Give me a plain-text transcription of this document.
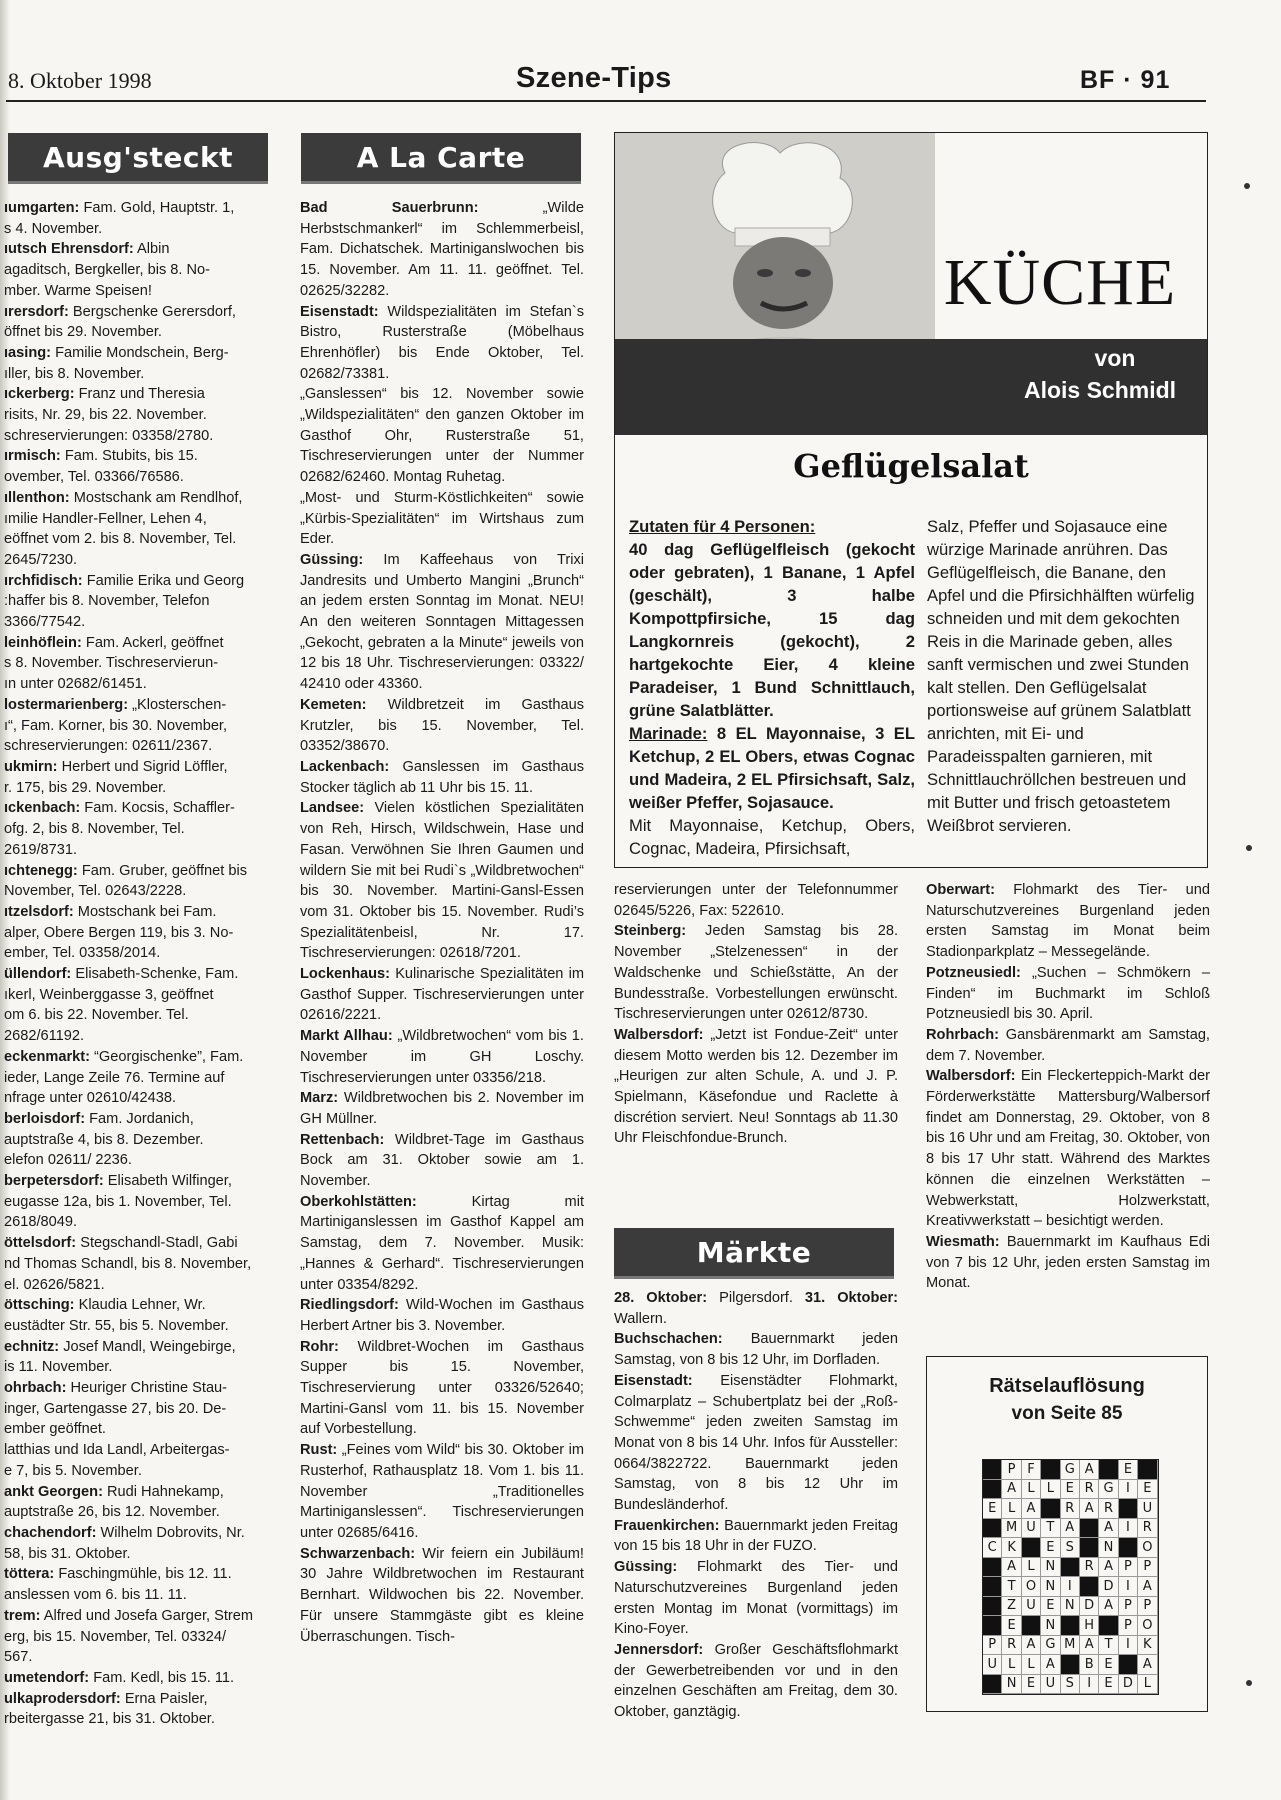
8. Oktober 1998	Szene-Tips	BF · 91
Ausg'steckt

ıumgarten: Fam. Gold, Hauptstr. 1,

s 4. November.

ıutsch Ehrensdorf: Albin

agaditsch, Bergkeller, bis 8. No-

mber. Warme Speisen!

ırersdorf: Bergschenke Gerersdorf,

öffnet bis 29. November.

ıasing: Familie Mondschein, Berg-

ıller, bis 8. November.

ıckerberg: Franz und Theresia

risits, Nr. 29, bis 22. November.

schreservierungen: 03358/2780.

ırmisch: Fam. Stubits, bis 15.

ovember, Tel. 03366/76586.

ıllenthon: Mostschank am Rendlhof,

ımilie Handler-Fellner, Lehen 4,

eöffnet vom 2. bis 8. November, Tel.

2645/7230.

ırchfidisch: Familie Erika und Georg

:haffer bis 8. November, Telefon

3366/77542.

leinhöflein: Fam. Ackerl, geöffnet

s 8. November. Tischreservierun-

ın unter 02682/61451.

lostermarienberg: „Klosterschen-

ı“, Fam. Korner, bis 30. November,

schreservierungen: 02611/2367.

ukmirn: Herbert und Sigrid Löffler,

r. 175, bis 29. November.

ıckenbach: Fam. Kocsis, Schaffler-

ofg. 2, bis 8. November, Tel.

2619/8731.

ıchtenegg: Fam. Gruber, geöffnet bis

November, Tel. 02643/2228.

ıtzelsdorf: Mostschank bei Fam.

alper, Obere Bergen 119, bis 3. No-

ember, Tel. 03358/2014.

üllendorf: Elisabeth-Schenke, Fam.

ıkerl, Weinberggasse 3, geöffnet

om 6. bis 22. November. Tel.

2682/61192.

eckenmarkt: “Georgischenke”, Fam.

ieder, Lange Zeile 76. Termine auf

nfrage unter 02610/42438.

berloisdorf: Fam. Jordanich,

auptstraße 4, bis 8. Dezember.

elefon 02611/ 2236.

berpetersdorf: Elisabeth Wilfinger,

eugasse 12a, bis 1. November, Tel.

2618/8049.

öttelsdorf: Stegschandl-Stadl, Gabi

nd Thomas Schandl, bis 8. November,

el. 02626/5821.

öttsching: Klaudia Lehner, Wr.

eustädter Str. 55, bis 5. November.

echnitz: Josef Mandl, Weingebirge,

is 11. November.

ohrbach: Heuriger Christine Stau-

inger, Gartengasse 27, bis 20. De-

ember geöffnet.

latthias und Ida Landl, Arbeitergas-

e 7, bis 5. November.

ankt Georgen: Rudi Hahnekamp,

auptstraße 26, bis 12. November.

chachendorf: Wilhelm Dobrovits, Nr.

58, bis 31. Oktober.

töttera: Faschingmühle, bis 12. 11.

anslessen vom 6. bis 11. 11.

trem: Alfred und Josefa Garger, Strem

erg, bis 15. November, Tel. 03324/

567.

umetendorf: Fam. Kedl, bis 15. 11.

ulkaprodersdorf: Erna Paisler,

rbeitergasse 21, bis 31. Oktober.

A La Carte

Bad Sauerbrunn: „Wilde Herbstschmankerl“ im Schlemmerbeisl, Fam. Dichatschek. Martiniganslwochen bis 15. November. Am 11. 11. geöffnet. Tel. 02625/32282.

Eisenstadt: Wildspezialitäten im Stefan`s Bistro, Rusterstraße (Möbelhaus Ehrenhöfler) bis Ende Oktober, Tel. 02682/73381.

„Ganslessen“ bis 12. November sowie „Wildspezialitäten“ den ganzen Oktober im Gasthof Ohr, Rusterstraße 51, Tischreservierungen unter der Nummer 02682/62460. Montag Ruhetag.

„Most- und Sturm-Köstlichkeiten“ sowie „Kürbis-Spezialitäten“ im Wirtshaus zum Eder.

Güssing: Im Kaffeehaus von Trixi Jandresits und Umberto Mangini „Brunch“ an jedem ersten Sonntag im Monat. NEU! An den weiteren Sonntagen Mittagessen „Gekocht, gebraten a la Minute“ jeweils von 12 bis 18 Uhr. Tischreservierungen: 03322/ 42410 oder 43360.

Kemeten: Wildbretzeit im Gasthaus Krutzler, bis 15. November, Tel. 03352/38670.

Lackenbach: Ganslessen im Gasthaus Stocker täglich ab 11 Uhr bis 15. 11.

Landsee: Vielen köstlichen Spezialitäten von Reh, Hirsch, Wildschwein, Hase und Fasan. Verwöhnen Sie Ihren Gaumen und wildern Sie mit bei Rudi`s „Wildbretwochen“ bis 30. November. Martini-Gansl-Essen vom 31. Oktober bis 15. November. Rudi’s Spezialitätenbeisl, Nr. 17. Tischreservierungen: 02618/7201.

Lockenhaus: Kulinarische Spezialitäten im Gasthof Supper. Tischreservierungen unter 02616/2221.

Markt Allhau: „Wildbretwochen“ vom bis 1. November im GH Loschy. Tischreservierungen unter 03356/218.

Marz: Wildbretwochen bis 2. November im GH Müllner.

Rettenbach: Wildbret-Tage im Gasthaus Bock am 31. Oktober sowie am 1. November.

Oberkohlstätten: Kirtag mit Martiniganslessen im Gasthof Kappel am Samstag, dem 7. November. Musik: „Hannes & Gerhard“. Tischreservierungen unter 03354/8292.

Riedlingsdorf: Wild-Wochen im Gasthaus Herbert Artner bis 3. November.

Rohr: Wildbret-Wochen im Gasthaus Supper bis 15. November, Tischreservierung unter 03326/52640; Martini-Gansl vom 11. bis 15. November auf Vorbestellung.

Rust: „Feines vom Wild“ bis 30. Oktober im Rusterhof, Rathausplatz 18. Vom 1. bis 11. November „Traditionelles Martiniganslessen“. Tischreservierungen unter 02685/6416.

Schwarzenbach: Wir feiern ein Jubiläum! 30 Jahre Wildbretwochen im Restaurant Bernhart. Wildwochen bis 22. November. Für unsere Stammgäste gibt es kleine Überraschungen. Tisch-

KÜCHE
von
Alois Schmidl
Geflügelsalat

Zutaten für 4 Personen:

40 dag Geflügelfleisch (gekocht oder gebraten), 1 Banane, 1 Apfel (geschält), 3 halbe Kompottpfirsiche, 15 dag Langkornreis (gekocht), 2 hartgekochte Eier, 4 kleine Paradeiser, 1 Bund Schnittlauch, grüne Salatblätter.

Marinade: 8 EL Mayonnaise, 3 EL Ketchup, 2 EL Obers, etwas Cognac und Madeira, 2 EL Pfirsichsaft, Salz, weißer Pfeffer, Sojasauce.

Mit Mayonnaise, Ketchup, Obers, Cognac, Madeira, Pfirsichsaft,

Salz, Pfeffer und Sojasauce eine würzige Marinade anrühren. Das Geflügelfleisch, die Banane, den Apfel und die Pfirsichhälften würfelig schneiden und mit dem gekochten Reis in die Marinade geben, alles sanft vermischen und zwei Stunden kalt stellen. Den Geflügelsalat portionsweise auf grünem Salatblatt anrichten, mit Ei- und Paradeisspalten garnieren, mit Schnittlauchröllchen bestreuen und mit Butter und frisch getoastetem Weißbrot servieren.

reservierungen unter der Telefonnummer 02645/5226, Fax: 522610.

Steinberg: Jeden Samstag bis 28. November „Stelzenessen“ in der Waldschenke und Schießstätte, An der Bundesstraße. Vorbestellungen erwünscht. Tischreservierungen unter 02612/8730.

Walbersdorf: „Jetzt ist Fondue-Zeit“ unter diesem Motto werden bis 12. Dezember im „Heurigen zur alten Schule, A. und J. P. Spielmann, Käsefondue und Raclette à discrétion serviert. Neu! Sonntags ab 11.30 Uhr Fleischfondue-Brunch.

Märkte

28. Oktober: Pilgersdorf. 31. Oktober: Wallern.

Buchschachen: Bauernmarkt jeden Samstag, von 8 bis 12 Uhr, im Dorfladen.

Eisenstadt: Eisenstädter Flohmarkt, Colmarplatz – Schubertplatz bei der „Roß-Schwemme“ jeden zweiten Samstag im Monat von 8 bis 14 Uhr. Infos für Aussteller: 0664/3822722. Bauernmarkt jeden Samstag, von 8 bis 12 Uhr im Bundesländerhof.

Frauenkirchen: Bauernmarkt jeden Freitag von 15 bis 18 Uhr in der FUZO.

Güssing: Flohmarkt des Tier- und Naturschutzvereines Burgenland jeden ersten Montag im Monat (vormittags) im Kino-Foyer.

Jennersdorf: Großer Geschäftsflohmarkt der Gewerbetreibenden vor und in den einzelnen Geschäften am Freitag, dem 30. Oktober, ganztägig.

Oberwart: Flohmarkt des Tier- und Naturschutzvereines Burgenland jeden ersten Samstag im Monat beim Stadionparkplatz – Messegelände.

Potzneusiedl: „Suchen – Schmökern – Finden“ im Buchmarkt im Schloß Potzneusiedl bis 30. April.

Rohrbach: Gansbärenmarkt am Samstag, dem 7. November.

Walbersdorf: Ein Fleckerteppich-Markt der Förderwerkstätte Mattersburg/Walbersorf findet am Donnerstag, 29. Oktober, von 8 bis 16 Uhr und am Freitag, 30. Oktober, von 8 bis 17 Uhr statt. Während des Marktes können die einzelnen Werkstätten – Webwerkstatt, Holzwerkstatt, Kreativwerkstatt – besichtigt werden.

Wiesmath: Bauernmarkt im Kaufhaus Edi von 7 bis 12 Uhr, jeden ersten Samstag im Monat.

Rätselauflösung
von Seite 85
P F	G A	E
A L L E R G I	E
E L A	R A R	U
M U T A	A	I R
C K	E S	N	O
A L N	R A P P
T O N I	D I	A
Z U E N D A P P
E	N	H	P O
P R A G M A T	I	K
U L L A	B E	A
N E U S	I	E D L
